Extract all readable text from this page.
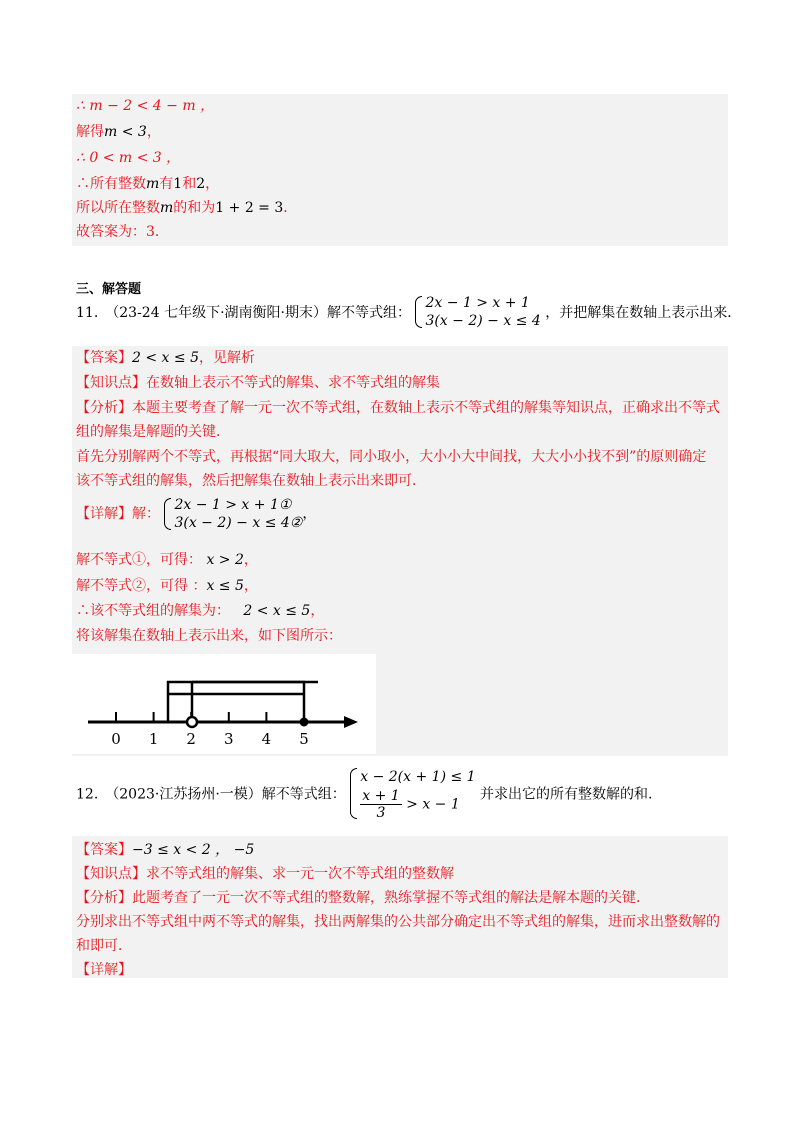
∴ m − 2 < 4 − m ，
解得m < 3，
∴ 0 < m < 3 ，
∴所有整数m有1和2，
所以所在整数m的和为1 + 2 = 3．
故答案为：3.
三、解答题
11.　（23-24 七年级下·湖南衡阳·期末）解不等式组：
2x − 1 > x + 1
3(x − 2) − x ≤ 4 ，并把解集在数轴上表示出来．
【答案】2 < x ≤ 5，见解析
【知识点】在数轴上表示不等式的解集、求不等式组的解集
【分析】本题主要考查了解一元一次不等式组，在数轴上表示不等式组的解集等知识点，正确求出不等式
组的解集是解题的关键．
首先分别解两个不等式，再根据“同大取大，同小取小，大小小大中间找，大大小小找不到”的原则确定
该不等式组的解集，然后把解集在数轴上表示出来即可．
【详解】解：
2x − 1 > x + 1①
3(x − 2) − x ≤ 4②
，
解不等式①，可得： x > 2，
解不等式②，可得 ：x ≤ 5，
∴该不等式组的解集为： 2 < x ≤ 5，
将该解集在数轴上表示出来，如下图所示：
0 1 2 3 4 5
12.　（2023·江苏扬州·一模）解不等式组：
x − 2(x + 1) ≤ 1
$\frac{x + 1}{3} > x - 1$
并求出它的所有整数解的和.
【答案】−3 ≤ x < 2 ， −5
【知识点】求不等式组的解集、求一元一次不等式组的整数解
【分析】此题考查了一元一次不等式组的整数解，熟练掌握不等式组的解法是解本题的关键．
分别求出不等式组中两不等式的解集，找出两解集的公共部分确定出不等式组的解集，进而求出整数解的
和即可．
【详解】
